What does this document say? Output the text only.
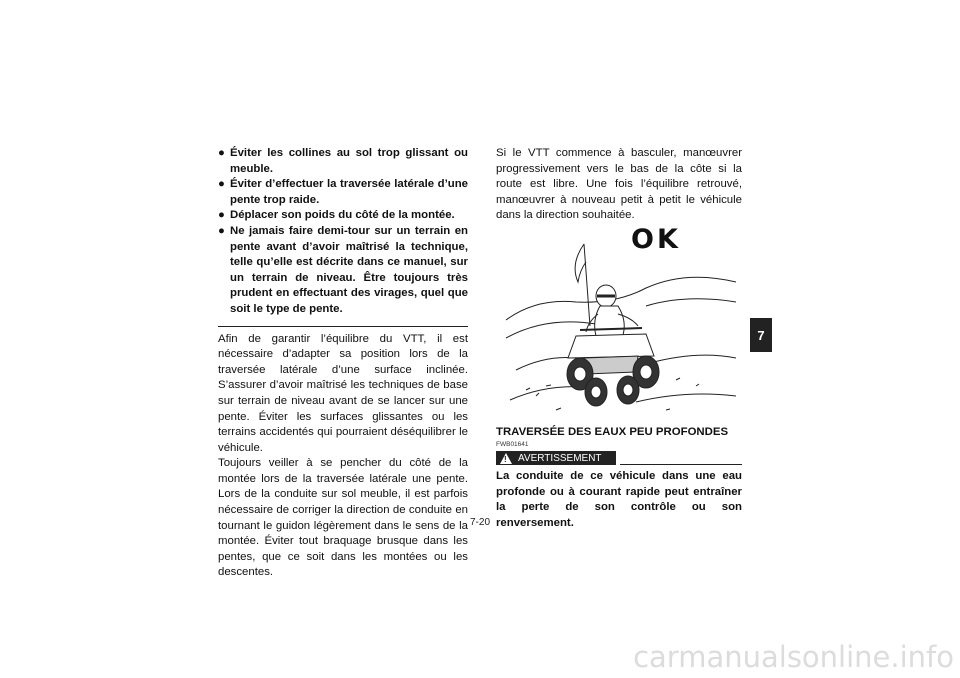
● Éviter les collines au sol trop glissant ou meuble.
● Éviter d’effectuer la traversée latérale d’une pente trop raide.
● Déplacer son poids du côté de la montée.
● Ne jamais faire demi-tour sur un terrain en pente avant d’avoir maîtrisé la technique, telle qu’elle est décrite dans ce manuel, sur un terrain de niveau. Être toujours très prudent en effectuant des virages, quel que soit le type de pente.

Afin de garantir l’équilibre du VTT, il est nécessaire d’adapter sa position lors de la traversée latérale d’une surface inclinée. S’assurer d’avoir maîtrisé les techniques de base sur terrain de niveau avant de se lancer sur une pente. Éviter les surfaces glissantes ou les terrains accidentés qui pourraient déséquilibrer le véhicule.

Toujours veiller à se pencher du côté de la montée lors de la traversée latérale une pente. Lors de la conduite sur sol meuble, il est parfois nécessaire de corriger la direction de conduite en tournant le guidon légèrement dans le sens de la montée. Éviter tout braquage brusque dans les pentes, que ce soit dans les montées ou les descentes.

Si le VTT commence à basculer, manœuvrer progressivement vers le bas de la côte si la route est libre. Une fois l’équilibre retrouvé, manœuvrer à nouveau petit à petit le véhicule dans la direction souhaitée.

OK
TRAVERSÉE DES EAUX PEU PROFONDES
FWB01641
! AVERTISSEMENT
La conduite de ce véhicule dans une eau profonde ou à courant rapide peut entraîner la perte de son contrôle ou son renversement.
7
7-20
carmanualsonline.info
